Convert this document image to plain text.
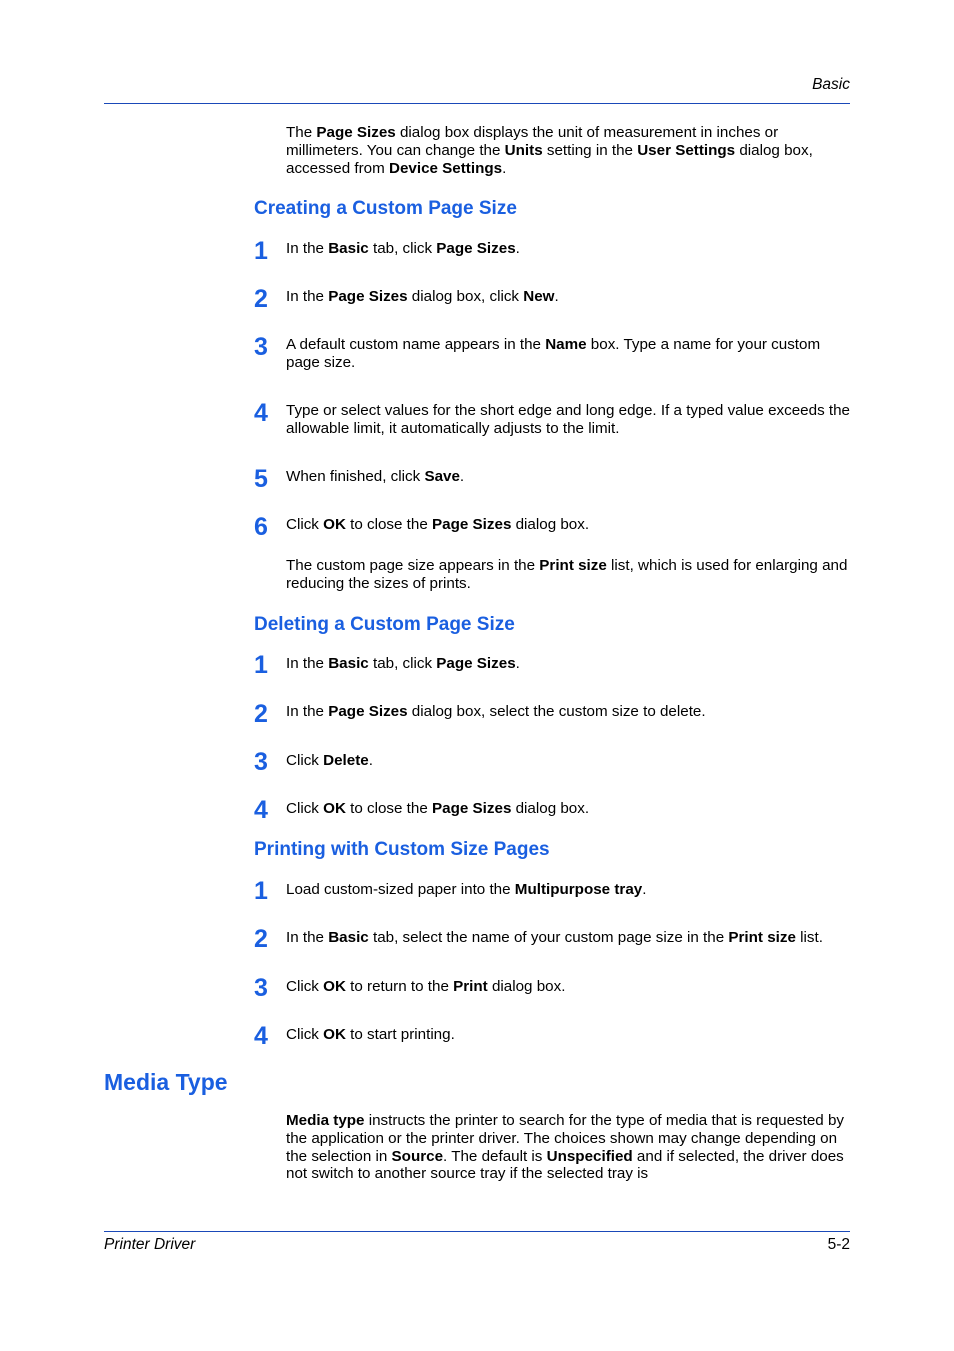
Basic
The Page Sizes dialog box displays the unit of measurement in inches or millimeters. You can change the Units setting in the User Settings dialog box, accessed from Device Settings.
Creating a Custom Page Size
1 In the Basic tab, click Page Sizes.
2 In the Page Sizes dialog box, click New.
3 A default custom name appears in the Name box. Type a name for your custom page size.
4 Type or select values for the short edge and long edge. If a typed value exceeds the allowable limit, it automatically adjusts to the limit.
5 When finished, click Save.
6 Click OK to close the Page Sizes dialog box.
The custom page size appears in the Print size list, which is used for enlarging and reducing the sizes of prints.
Deleting a Custom Page Size
1 In the Basic tab, click Page Sizes.
2 In the Page Sizes dialog box, select the custom size to delete.
3 Click Delete.
4 Click OK to close the Page Sizes dialog box.
Printing with Custom Size Pages
1 Load custom-sized paper into the Multipurpose tray.
2 In the Basic tab, select the name of your custom page size in the Print size list.
3 Click OK to return to the Print dialog box.
4 Click OK to start printing.
Media Type
Media type instructs the printer to search for the type of media that is requested by the application or the printer driver. The choices shown may change depending on the selection in Source. The default is Unspecified and if selected, the driver does not switch to another source tray if the selected tray is
Printer Driver	5-2
